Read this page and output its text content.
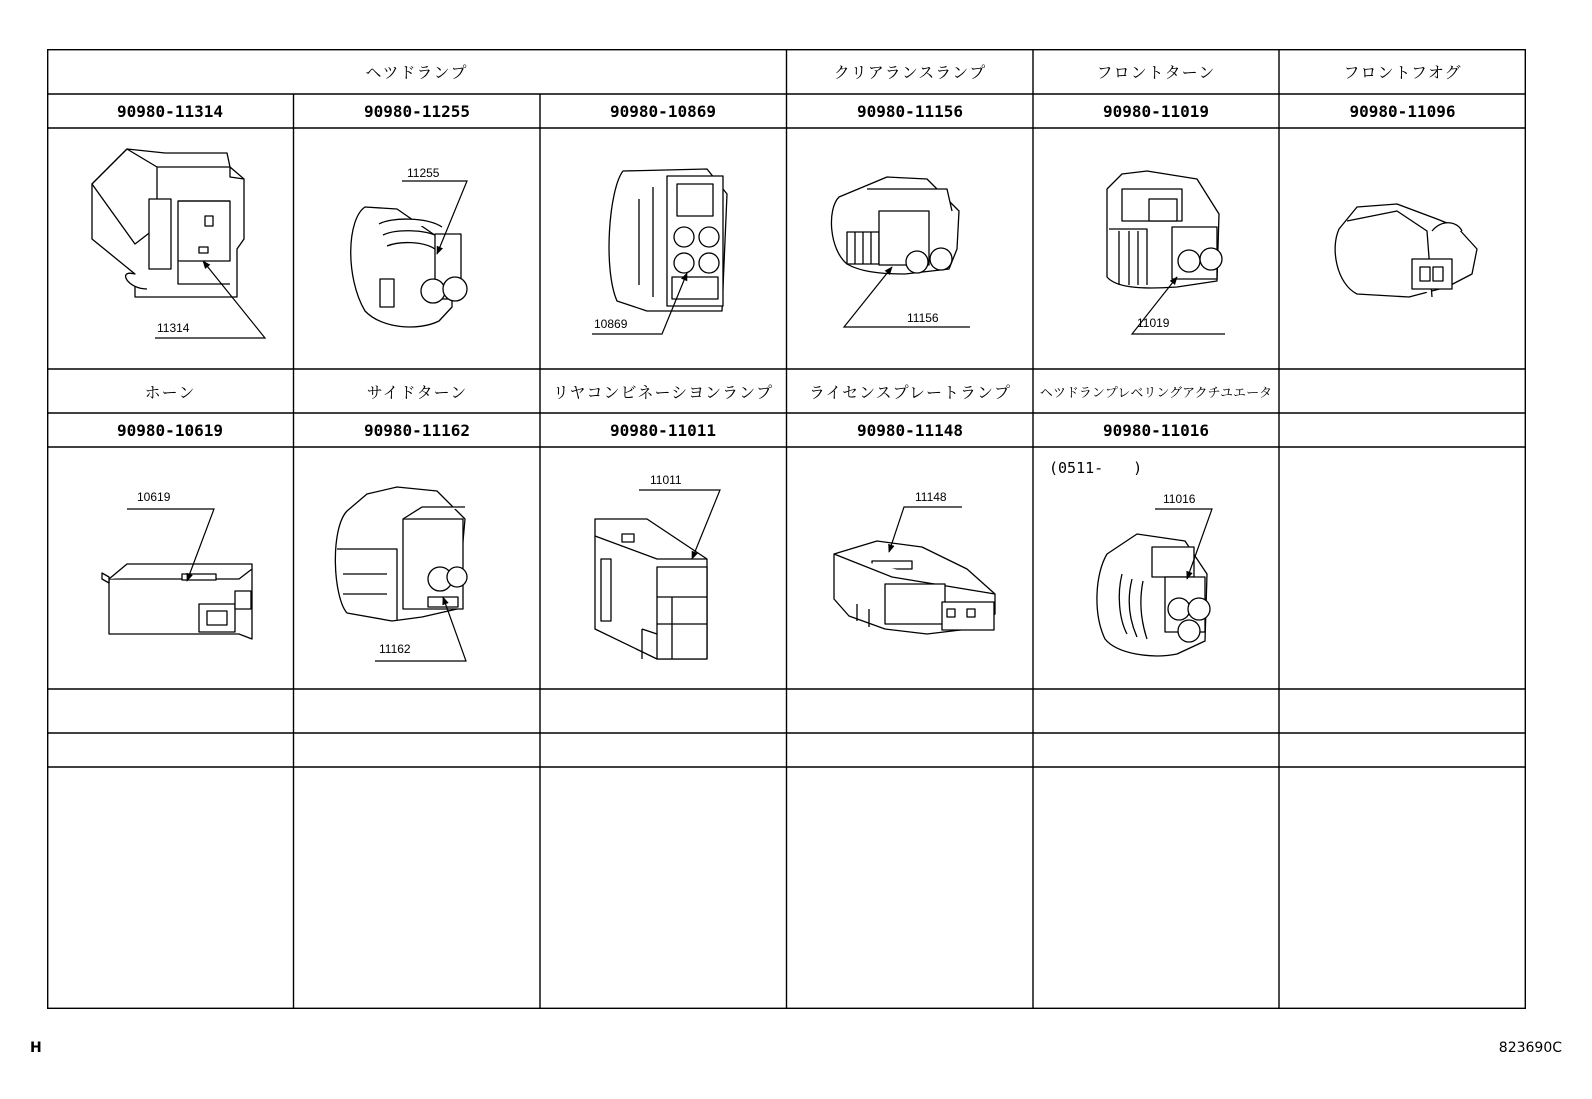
ヘツドランプ	クリアランスランプ	フロントターン	フロントフオグ
90980-11314	90980-11255	90980-10869	90980-11156	90980-11019	90980-11096
ホーン	サイドターン	リヤコンビネーシヨンランプ	ライセンスプレートランプ	ヘツドランプレベリングアクチユエータ
90980-10619	90980-11162	90980-11011	90980-11148	90980-11016
(0511-　　)
11314
11255
10869	11156	11019
10619
11162
11011
11148	11016
H	823690C
